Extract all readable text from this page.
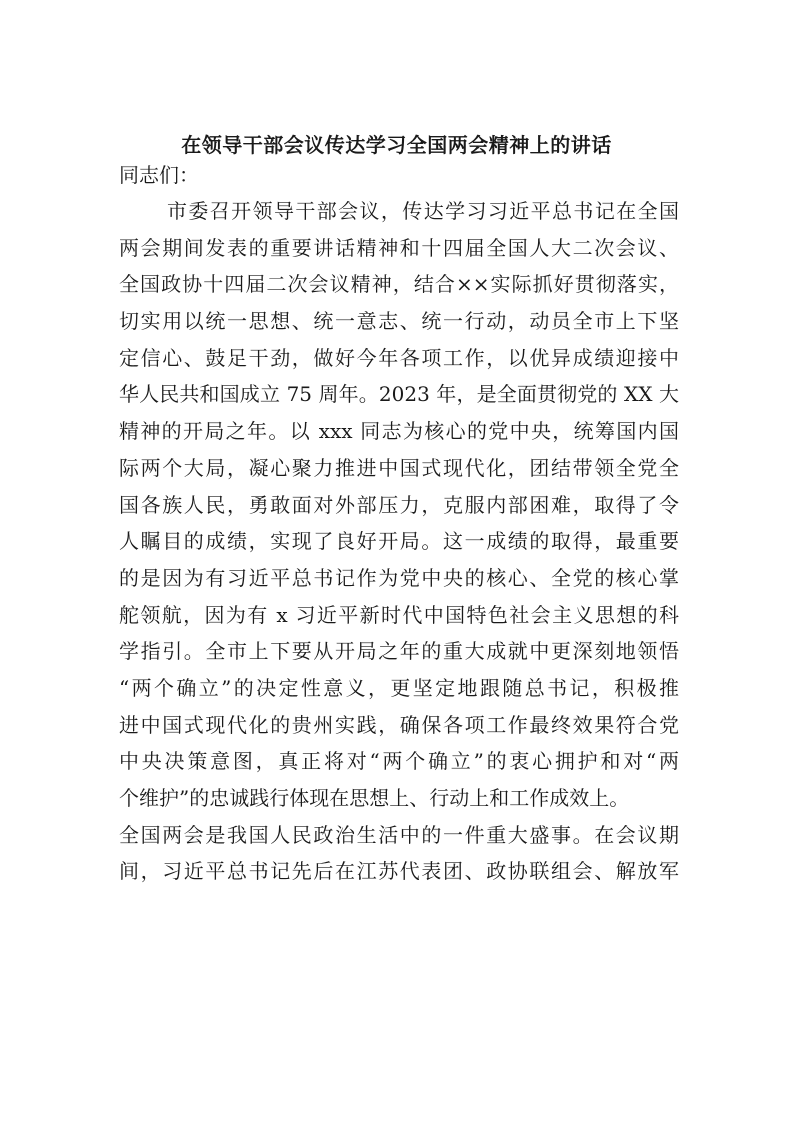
在领导干部会议传达学习全国两会精神上的讲话

同志们：

市委召开领导干部会议，传达学习习近平总书记在全国
两会期间发表的重要讲话精神和十四届全国人大二次会议、
全国政协十四届二次会议精神，结合××实际抓好贯彻落实，
切实用以统一思想、统一意志、统一行动，动员全市上下坚
定信心、鼓足干劲，做好今年各项工作，以优异成绩迎接中
华人民共和国成立 75 周年。2023 年，是全面贯彻党的 XX 大
精神的开局之年。以 xxx 同志为核心的党中央，统筹国内国
际两个大局，凝心聚力推进中国式现代化，团结带领全党全
国各族人民，勇敢面对外部压力，克服内部困难，取得了令
人瞩目的成绩，实现了良好开局。这一成绩的取得，最重要
的是因为有习近平总书记作为党中央的核心、全党的核心掌
舵领航，因为有 x 习近平新时代中国特色社会主义思想的科
学指引。全市上下要从开局之年的重大成就中更深刻地领悟
“两个确立”的决定性意义，更坚定地跟随总书记，积极推
进中国式现代化的贵州实践，确保各项工作最终效果符合党
中央决策意图，真正将对“两个确立”的衷心拥护和对“两
个维护”的忠诚践行体现在思想上、行动上和工作成效上。
全国两会是我国人民政治生活中的一件重大盛事。在会议期
间，习近平总书记先后在江苏代表团、政协联组会、解放军
